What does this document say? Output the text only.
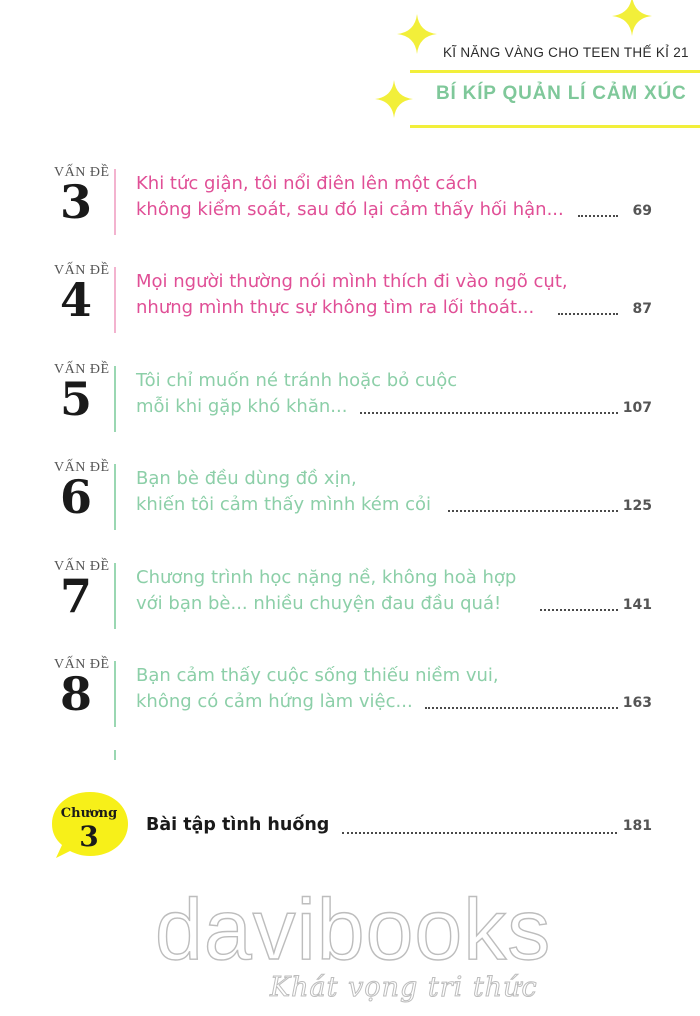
KĨ NĂNG VÀNG CHO TEEN THẾ KỈ 21
BÍ KÍP QUẢN LÍ CẢM XÚC
VẤN ĐỀ
3 Khi tức giận, tôi nổi điên lên một cách
không kiểm soát, sau đó lại cảm thấy hối hận...	69
VẤN ĐỀ
4 Mọi người thường nói mình thích đi vào ngõ cụt,
nhưng mình thực sự không tìm ra lối thoát...	87
VẤN ĐỀ
5 Tôi chỉ muốn né tránh hoặc bỏ cuộc
mỗi khi gặp khó khăn...	107
VẤN ĐỀ
6 Bạn bè đều dùng đồ xịn,
khiến tôi cảm thấy mình kém cỏi	125
VẤN ĐỀ
7 Chương trình học nặng nề, không hoà hợp
với bạn bè... nhiều chuyện đau đầu quá!	141
VẤN ĐỀ
8 Bạn cảm thấy cuộc sống thiếu niềm vui,
không có cảm hứng làm việc...	163
Chương
3	Bài tập tình huống	181
davibooks
Khát vọng tri thức
